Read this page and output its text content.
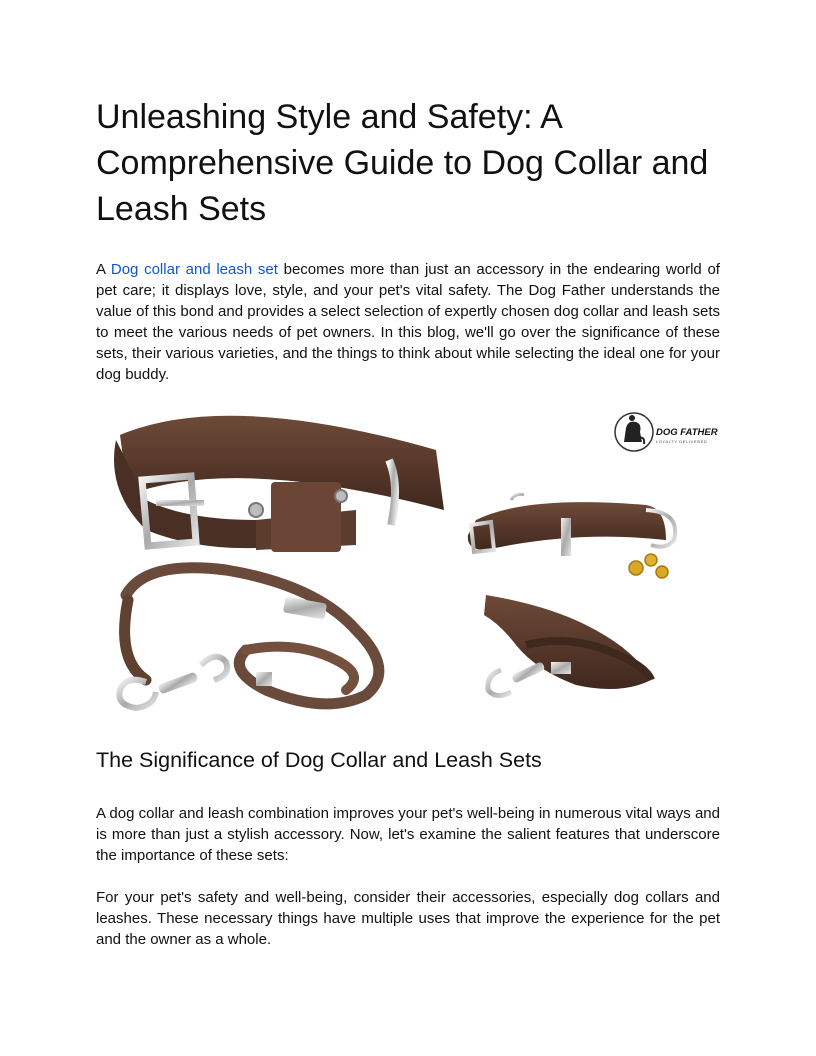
Unleashing Style and Safety: A Comprehensive Guide to Dog Collar and Leash Sets

A Dog collar and leash set becomes more than just an accessory in the endearing world of pet care; it displays love, style, and your pet's vital safety. The Dog Father understands the value of this bond and provides a select selection of expertly chosen dog collar and leash sets to meet the various needs of pet owners. In this blog, we'll go over the significance of these sets, their various varieties, and the things to think about while selecting the ideal one for your dog buddy.

DOG FATHER
LOYALTY DELIVERED
The Significance of Dog Collar and Leash Sets

A dog collar and leash combination improves your pet's well-being in numerous vital ways and is more than just a stylish accessory. Now, let's examine the salient features that underscore the importance of these sets:

For your pet's safety and well-being, consider their accessories, especially dog collars and leashes. These necessary things have multiple uses that improve the experience for the pet and the owner as a whole.
